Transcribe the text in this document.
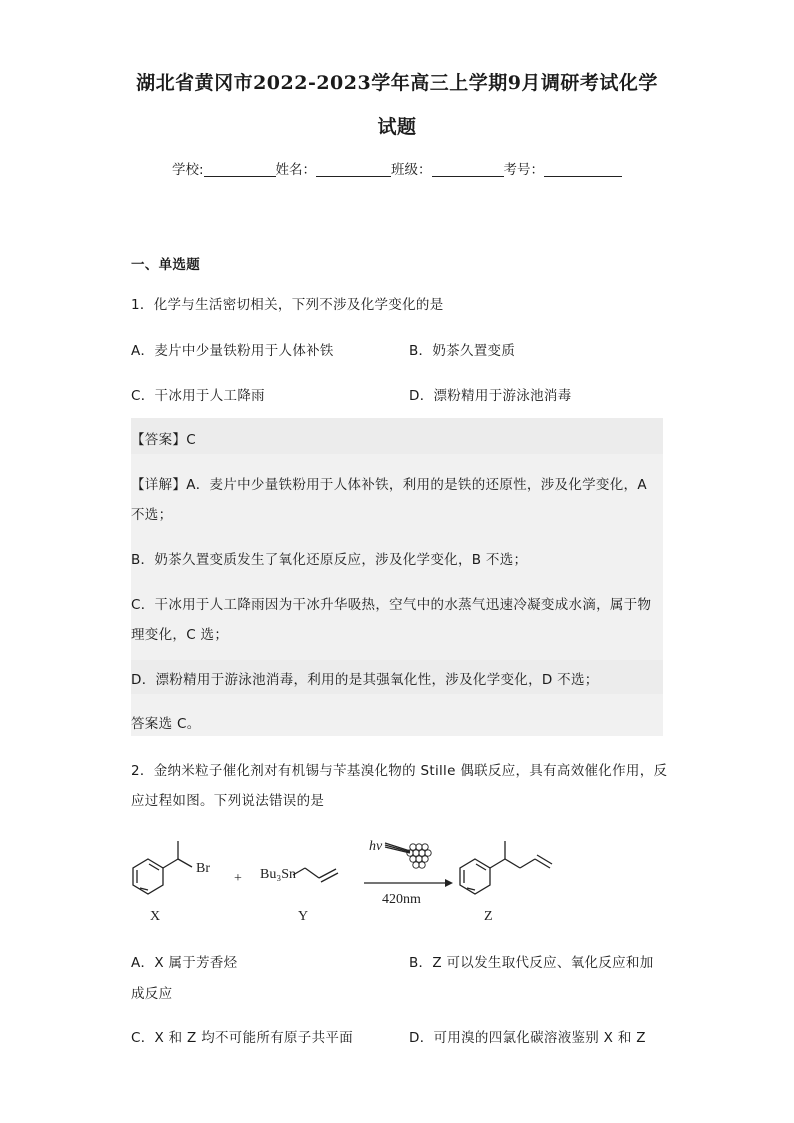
湖北省黄冈市2022-2023学年高三上学期9月调研考试化学
试题
学校:	姓名：	班级：	考号：
一、单选题
1．化学与生活密切相关，下列不涉及化学变化的是
A．麦片中少量铁粉用于人体补铁	B．奶茶久置变质
C．干冰用于人工降雨	D．漂粉精用于游泳池消毒
【答案】C
【详解】A．麦片中少量铁粉用于人体补铁，利用的是铁的还原性，涉及化学变化，A
不选；
B．奶茶久置变质发生了氧化还原反应，涉及化学变化，B 不选；
C．干冰用于人工降雨因为干冰升华吸热，空气中的水蒸气迅速冷凝变成水滴，属于物
理变化，C 选；
D．漂粉精用于游泳池消毒，利用的是其强氧化性，涉及化学变化，D 不选；
答案选 C。
2．金纳米粒子催化剂对有机锡与苄基溴化物的 Stille 偶联反应，具有高效催化作用，反
应过程如图。下列说法错误的是
Br
+ Bu₃Sn
hv
420nm
X	Y	Z
A．X 属于芳香烃	B．Z 可以发生取代反应、氧化反应和加
成反应
C．X 和 Z 均不可能所有原子共平面	D．可用溴的四氯化碳溶液鉴别 X 和 Z
